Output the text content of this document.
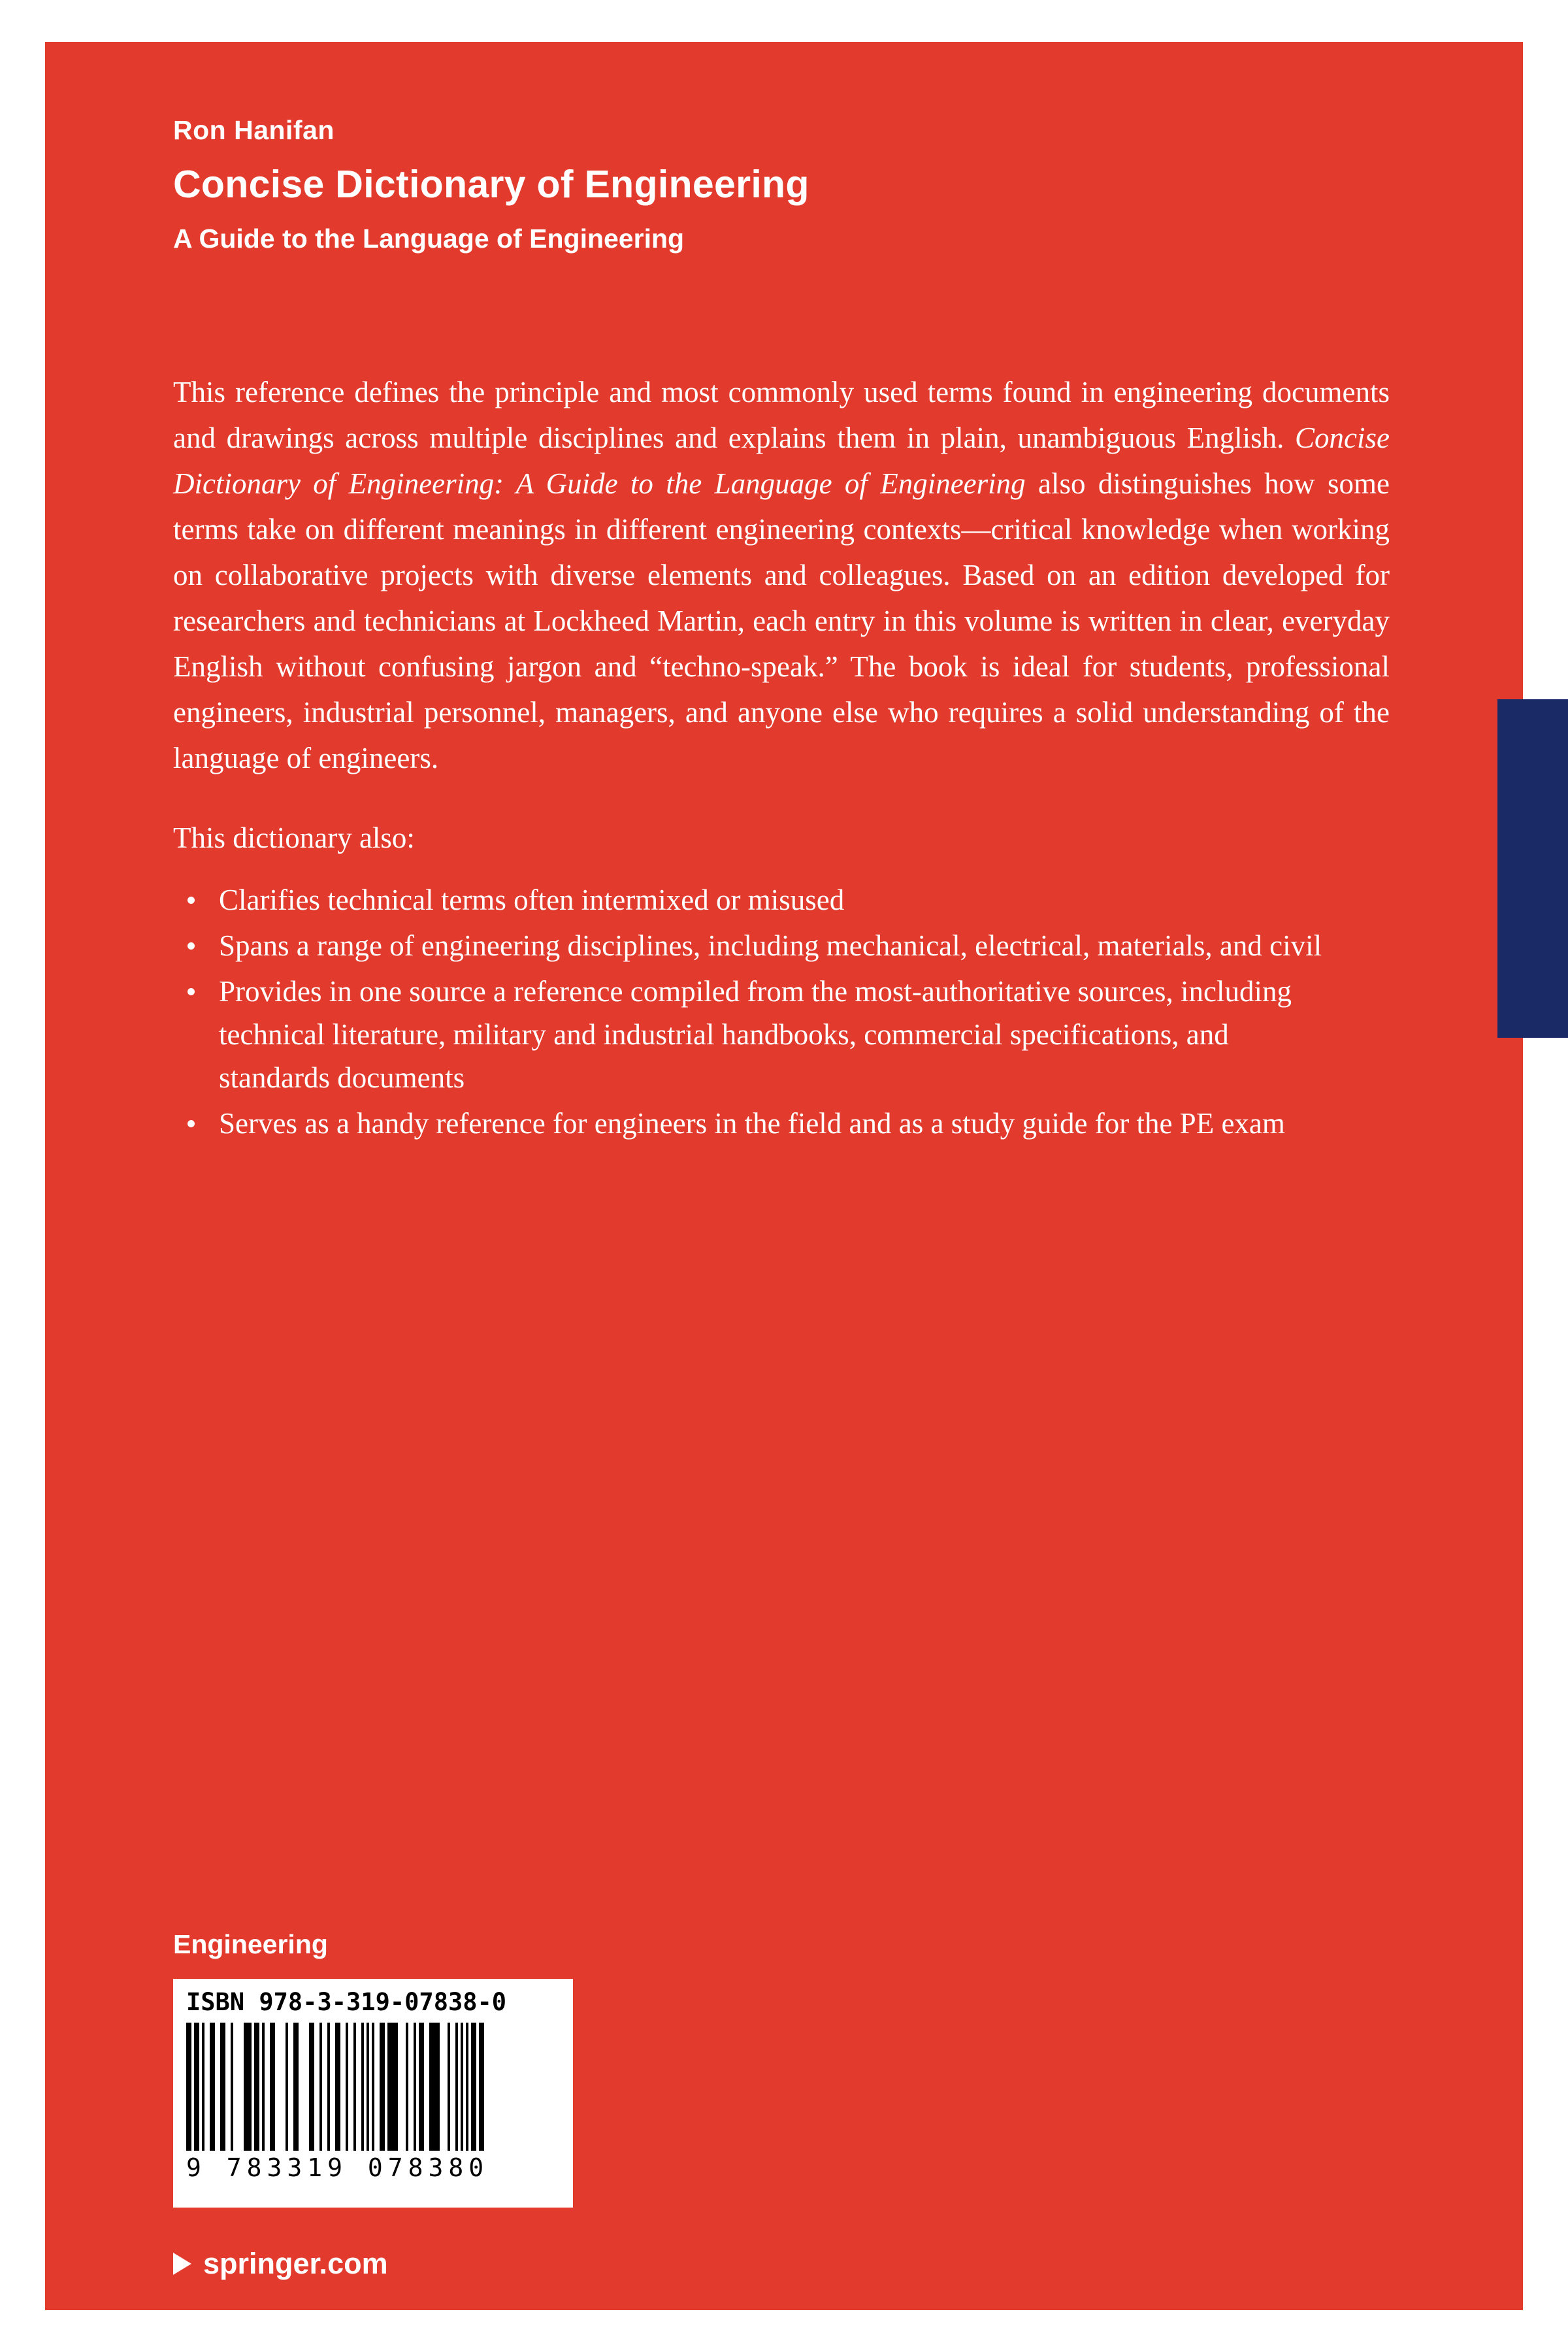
Ron Hanifan
Concise Dictionary of Engineering
A Guide to the Language of Engineering

This reference defines the principle and most commonly used terms found in engineering documents and drawings across multiple disciplines and explains them in plain, unambiguous English. Concise Dictionary of Engineering: A Guide to the Language of Engineering also distinguishes how some terms take on different meanings in different engineering contexts—critical knowledge when working on collaborative projects with diverse elements and colleagues. Based on an edition developed for researchers and technicians at Lockheed Martin, each entry in this volume is written in clear, everyday English without confusing jargon and “techno-speak.” The book is ideal for students, professional engineers, industrial personnel, managers, and anyone else who requires a solid understanding of the language of engineers.

This dictionary also:
Clarifies technical terms often intermixed or misused
Spans a range of engineering disciplines, including mechanical, electrical, materials, and civil
Provides in one source a reference compiled from the most-authoritative sources, including technical literature, military and industrial handbooks, commercial specifications, and standards documents
Serves as a handy reference for engineers in the field and as a study guide for the PE exam
Engineering
ISBN 978-3-319-07838-0
9 783319 078380
springer.com
